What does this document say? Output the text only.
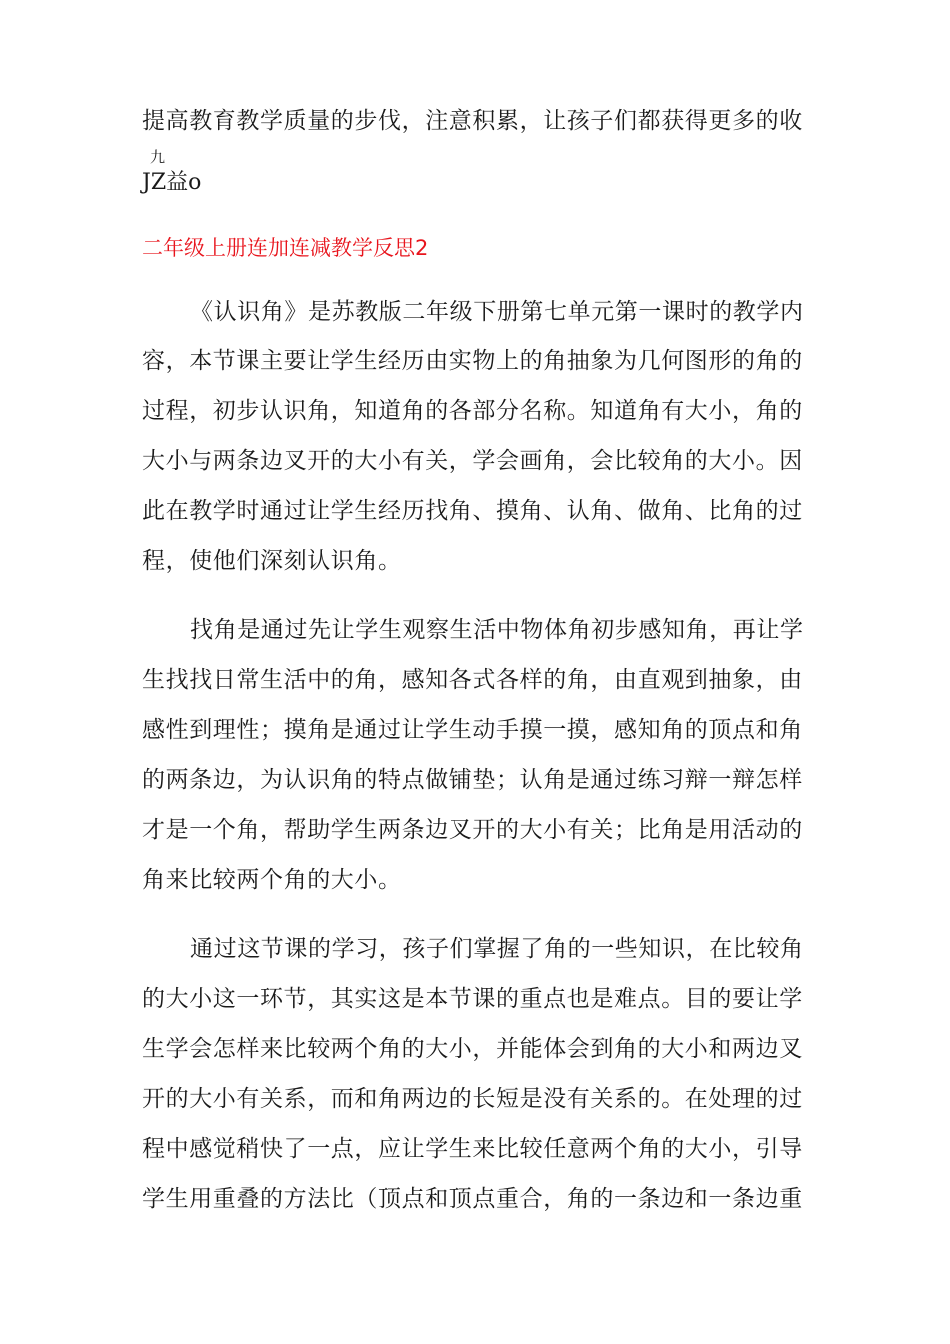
提高教育教学质量的步伐，注意积累，让孩子们都获得更多的收
九
JZ益o
二年级上册连加连减教学反思2
《认识角》是苏教版二年级下册第七单元第一课时的教学内
容，本节课主要让学生经历由实物上的角抽象为几何图形的角的
过程，初步认识角，知道角的各部分名称。知道角有大小，角的
大小与两条边叉开的大小有关，学会画角，会比较角的大小。因
此在教学时通过让学生经历找角、摸角、认角、做角、比角的过
程，使他们深刻认识角。
找角是通过先让学生观察生活中物体角初步感知角，再让学
生找找日常生活中的角，感知各式各样的角，由直观到抽象，由
感性到理性；摸角是通过让学生动手摸一摸，感知角的顶点和角
的两条边，为认识角的特点做铺垫；认角是通过练习辩一辩怎样
才是一个角，帮助学生两条边叉开的大小有关；比角是用活动的
角来比较两个角的大小。
通过这节课的学习，孩子们掌握了角的一些知识，在比较角
的大小这一环节，其实这是本节课的重点也是难点。目的要让学
生学会怎样来比较两个角的大小，并能体会到角的大小和两边叉
开的大小有关系，而和角两边的长短是没有关系的。在处理的过
程中感觉稍快了一点，应让学生来比较任意两个角的大小，引导
学生用重叠的方法比（顶点和顶点重合，角的一条边和一条边重
